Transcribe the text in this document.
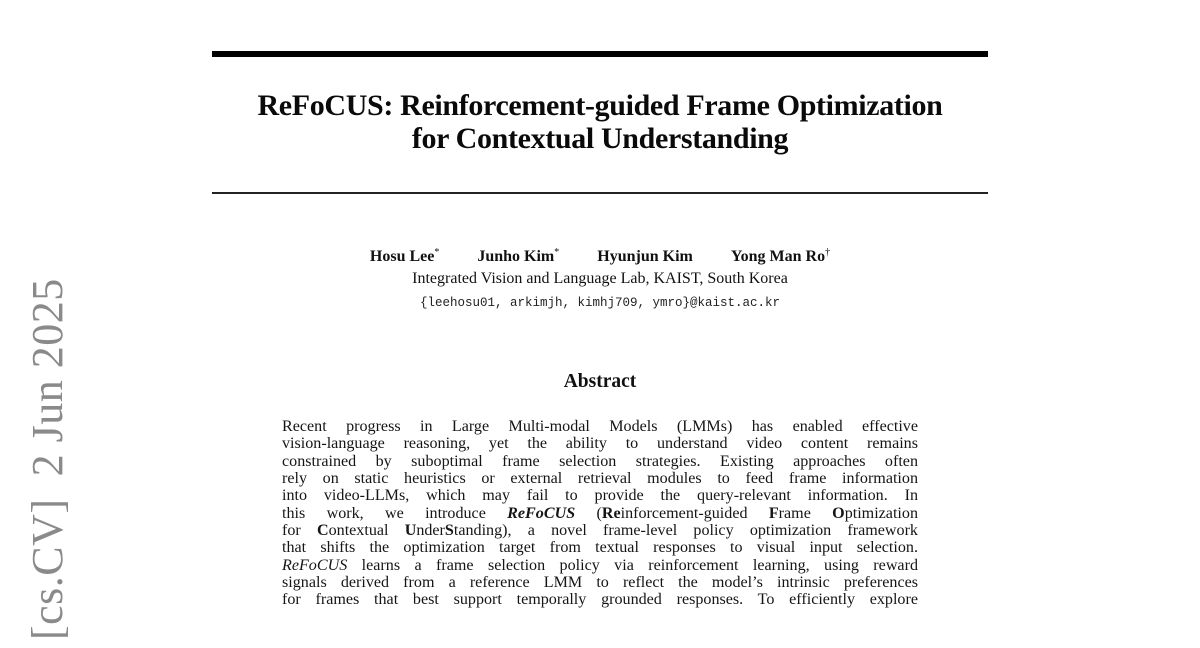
[cs.CV]2 Jun 2025
ReFoCUS: Reinforcement-guided Frame Optimization
for Contextual Understanding
Hosu Lee* Junho Kim* Hyunjun Kim Yong Man Ro†
Integrated Vision and Language Lab, KAIST, South Korea
{leehosu01, arkimjh, kimhj709, ymro}@kaist.ac.kr
Abstract
Recent progress in Large Multi-modal Models (LMMs) has enabled effective
vision-language reasoning, yet the ability to understand video content remains
constrained by suboptimal frame selection strategies. Existing approaches often
rely on static heuristics or external retrieval modules to feed frame information
into video-LLMs, which may fail to provide the query-relevant information. In
this work, we introduce ReFoCUS (Reinforcement-guided Frame Optimization
for Contextual UnderStanding), a novel frame-level policy optimization framework
that shifts the optimization target from textual responses to visual input selection.
ReFoCUS learns a frame selection policy via reinforcement learning, using reward
signals derived from a reference LMM to reflect the model’s intrinsic preferences
for frames that best support temporally grounded responses. To efficiently explore
